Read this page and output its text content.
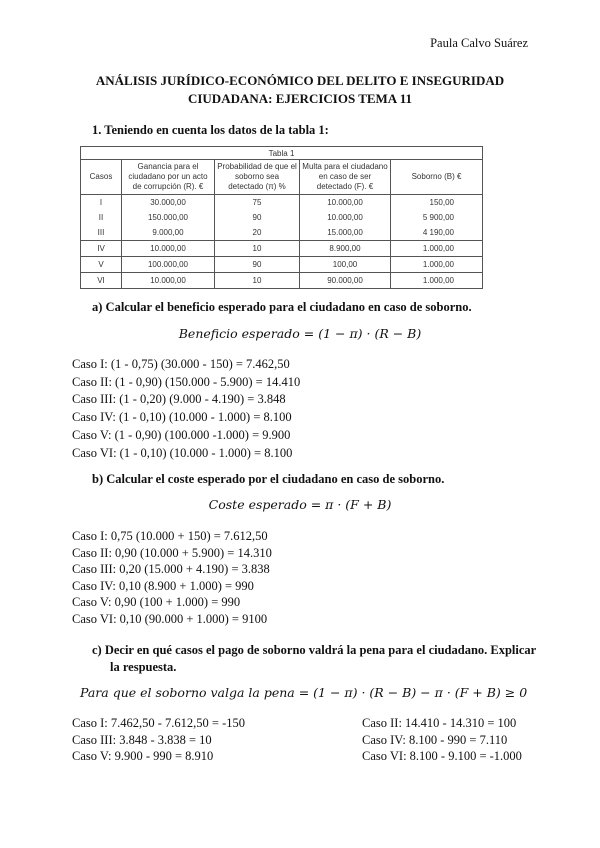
Paula Calvo Suárez
ANÁLISIS JURÍDICO-ECONÓMICO DEL DELITO E INSEGURIDAD
CIUDADANA: EJERCICIOS TEMA 11
1. Teniendo en cuenta los datos de la tabla 1:
Tabla 1				
Casos	Ganancia para el ciudadano por un acto de corrupción (R). €	Probabilidad de que el soborno sea detectado (π) %	Multa para el ciudadano en caso de ser detectado (F). €	Soborno (B) €
I	30.000,00	75	10.000,00	150,00
II	150.000,00	90	10.000,00	5 900,00
III	9.000,00	20	15.000,00	4 190,00
IV	10.000,00	10	8.900,00	1.000,00
V	100.000,00	90	100,00	1.000,00
VI	10.000,00	10	90.000,00	1.000,00
a) Calcular el beneficio esperado para el ciudadano en caso de soborno.
Beneficio esperado = (1 − π) · (R − B)
Caso I: (1 - 0,75) (30.000 - 150) = 7.462,50
Caso II: (1 - 0,90) (150.000 - 5.900) = 14.410
Caso III: (1 - 0,20) (9.000 - 4.190) = 3.848
Caso IV: (1 - 0,10) (10.000 - 1.000) = 8.100
Caso V: (1 - 0,90) (100.000 -1.000) = 9.900
Caso VI: (1 - 0,10) (10.000 - 1.000) = 8.100
b) Calcular el coste esperado por el ciudadano en caso de soborno.
Coste esperado = π · (F + B)
Caso I: 0,75 (10.000 + 150) = 7.612,50
Caso II: 0,90 (10.000 + 5.900) = 14.310
Caso III: 0,20 (15.000 + 4.190) = 3.838
Caso IV: 0,10 (8.900 + 1.000) = 990
Caso V: 0,90 (100 + 1.000) = 990
Caso VI: 0,10 (90.000 + 1.000) = 9100
c) Decir en qué casos el pago de soborno valdrá la pena para el ciudadano. Explicar
la respuesta.
Para que el soborno valga la pena = (1 − π) · (R − B) − π · (F + B) ≥ 0
Caso I: 7.462,50 - 7.612,50 = -150
Caso III: 3.848 - 3.838 = 10
Caso V: 9.900 - 990 = 8.910
Caso II: 14.410 - 14.310 = 100
Caso IV: 8.100 - 990 = 7.110
Caso VI: 8.100 - 9.100 = -1.000
